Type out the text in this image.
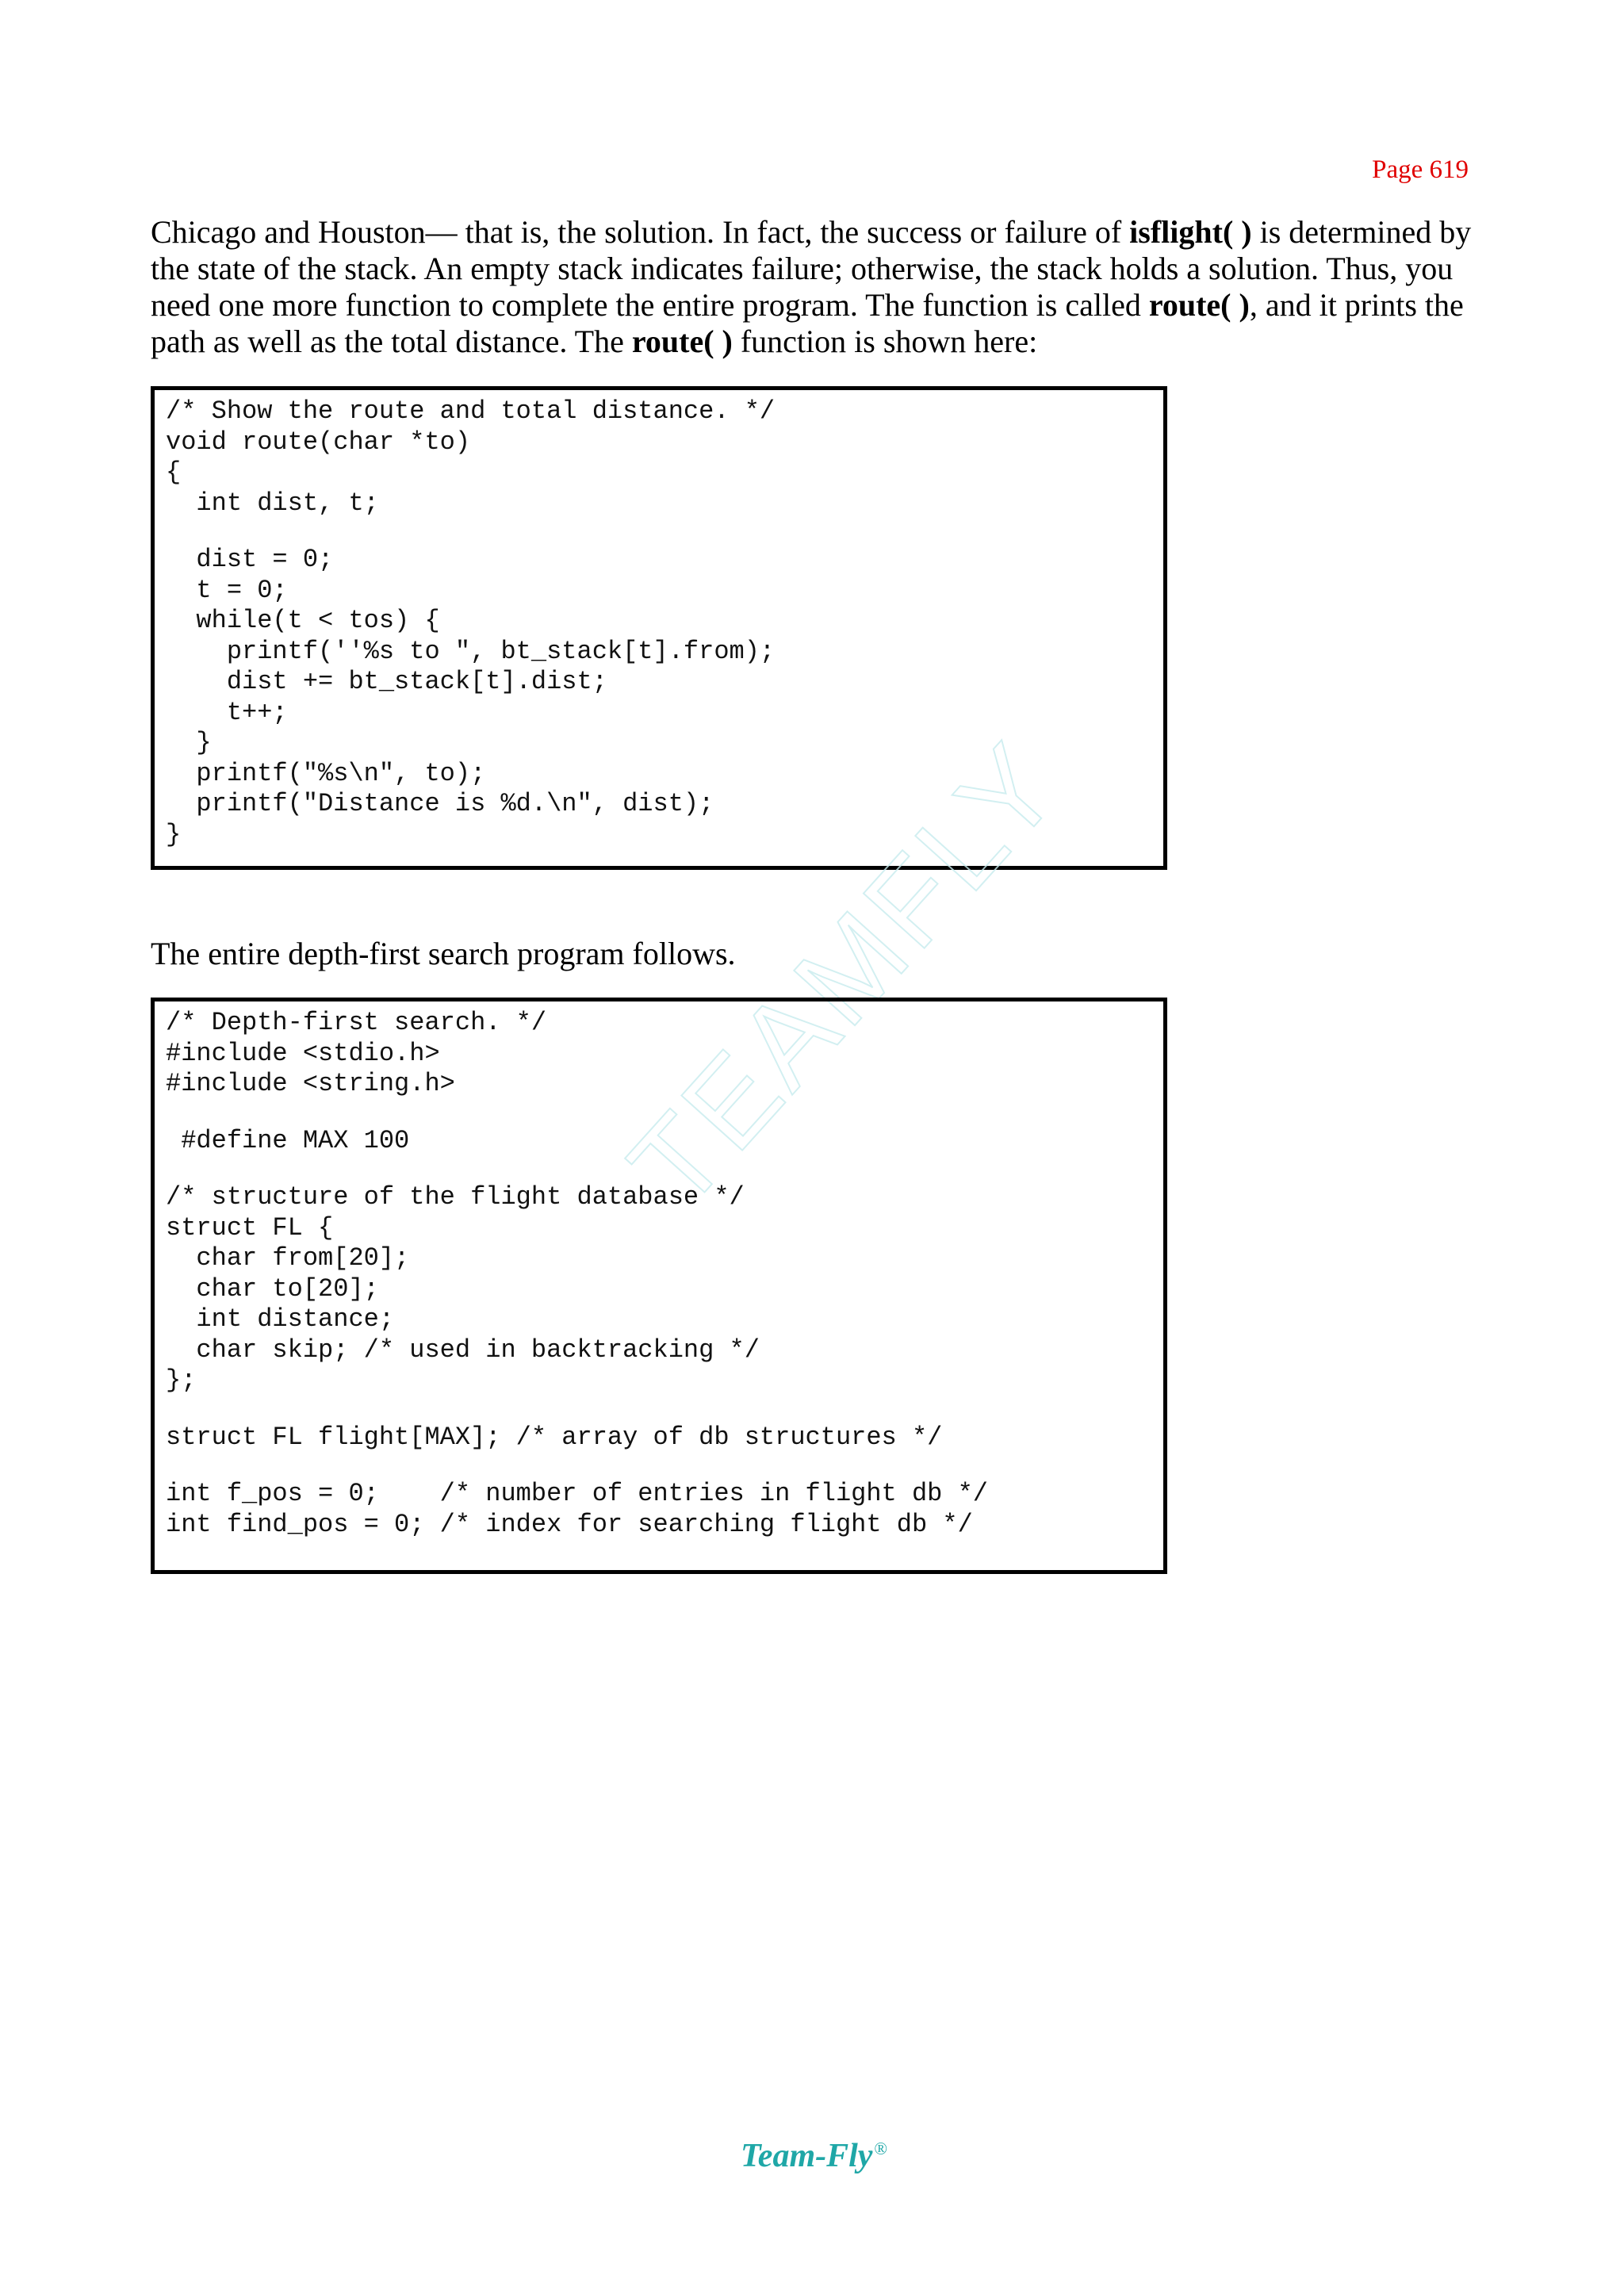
Page 619

Chicago and Houston— that is, the solution. In fact, the success or failure of isflight( ) is determined by the state of the stack. An empty stack indicates failure; otherwise, the stack holds a solution. Thus, you need one more function to complete the entire program. The function is called route( ), and it prints the path as well as the total distance. The route( ) function is shown here:

/* Show the route and total distance. */
void route(char *to)
{
int dist, t;
dist = 0;
t = 0;
while(t < tos) {
printf(''%s to ", bt_stack[t].from);
dist += bt_stack[t].dist;
t++;
}
printf("%s\n", to);
printf("Distance is %d.\n", dist);
}

The entire depth-first search program follows.

TEAMFLY
/* Depth-first search. */
#include <stdio.h>
#include <string.h>
#define MAX 100
/* structure of the flight database */
struct FL {
char from[20];
char to[20];
int distance;
char skip; /* used in backtracking */
};
struct FL flight[MAX]; /* array of db structures */
int f_pos = 0;    /* number of entries in flight db */
int find_pos = 0; /* index for searching flight db */
Team-Fly®
